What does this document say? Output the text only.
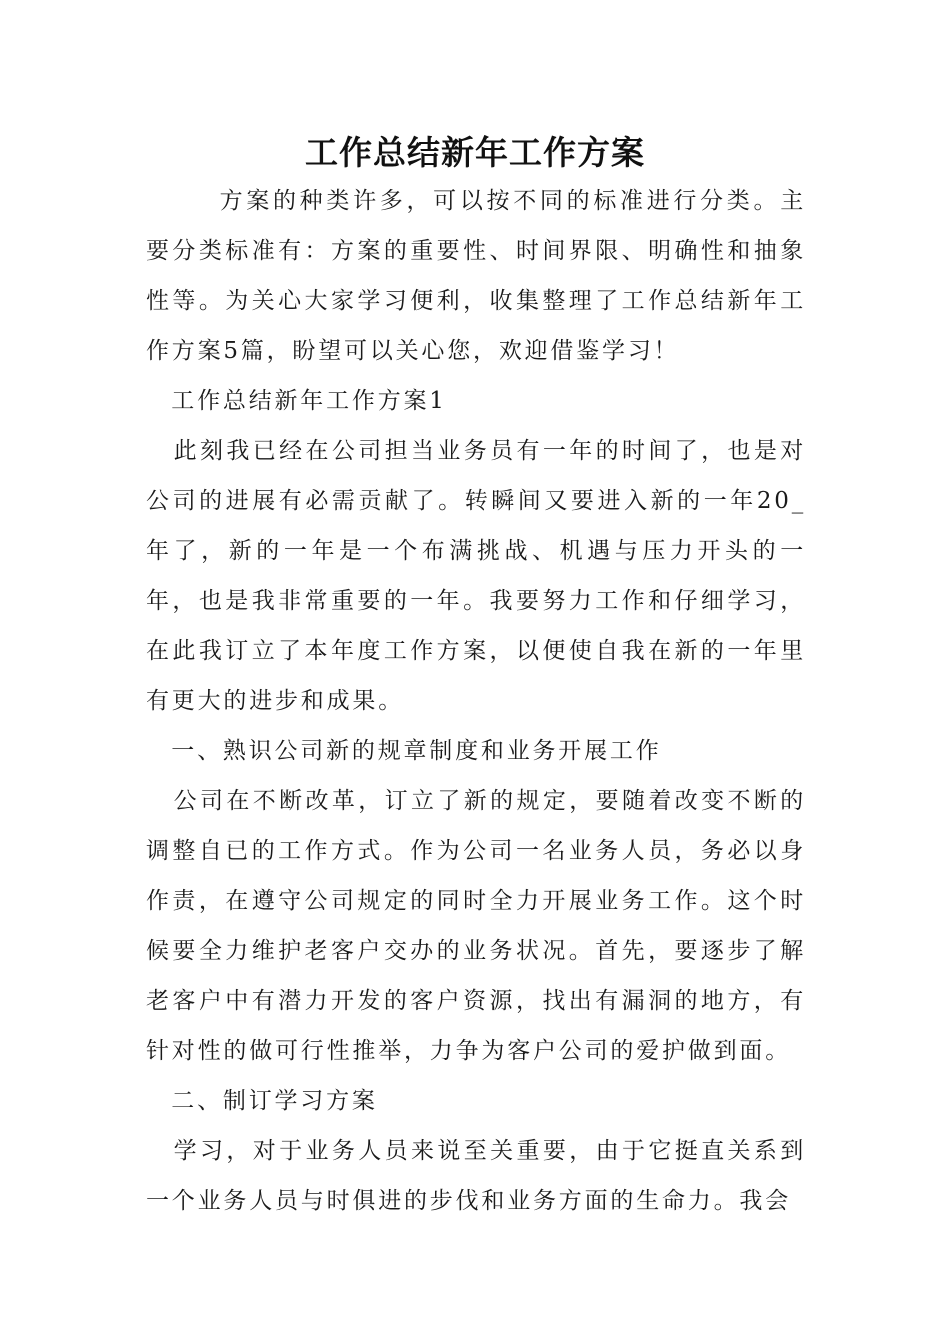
工作总结新年工作方案

方案的种类许多，可以按不同的标准进行分类。主要分类标准有：方案的重要性、时间界限、明确性和抽象性等。为关心大家学习便利，收集整理了工作总结新年工作方案5篇，盼望可以关心您，欢迎借鉴学习！

工作总结新年工作方案1

此刻我已经在公司担当业务员有一年的时间了，也是对公司的进展有必需贡献了。转瞬间又要进入新的一年20_年了，新的一年是一个布满挑战、机遇与压力开头的一年，也是我非常重要的一年。我要努力工作和仔细学习，在此我订立了本年度工作方案，以便使自我在新的一年里有更大的进步和成果。

一、熟识公司新的规章制度和业务开展工作

公司在不断改革，订立了新的规定，要随着改变不断的调整自已的工作方式。作为公司一名业务人员，务必以身作责，在遵守公司规定的同时全力开展业务工作。这个时候要全力维护老客户交办的业务状况。首先，要逐步了解老客户中有潜力开发的客户资源，找出有漏洞的地方，有针对性的做可行性推举，力争为客户公司的爱护做到面。

二、制订学习方案

学习，对于业务人员来说至关重要，由于它挺直关系到一个业务人员与时俱进的步伐和业务方面的生命力。我会
